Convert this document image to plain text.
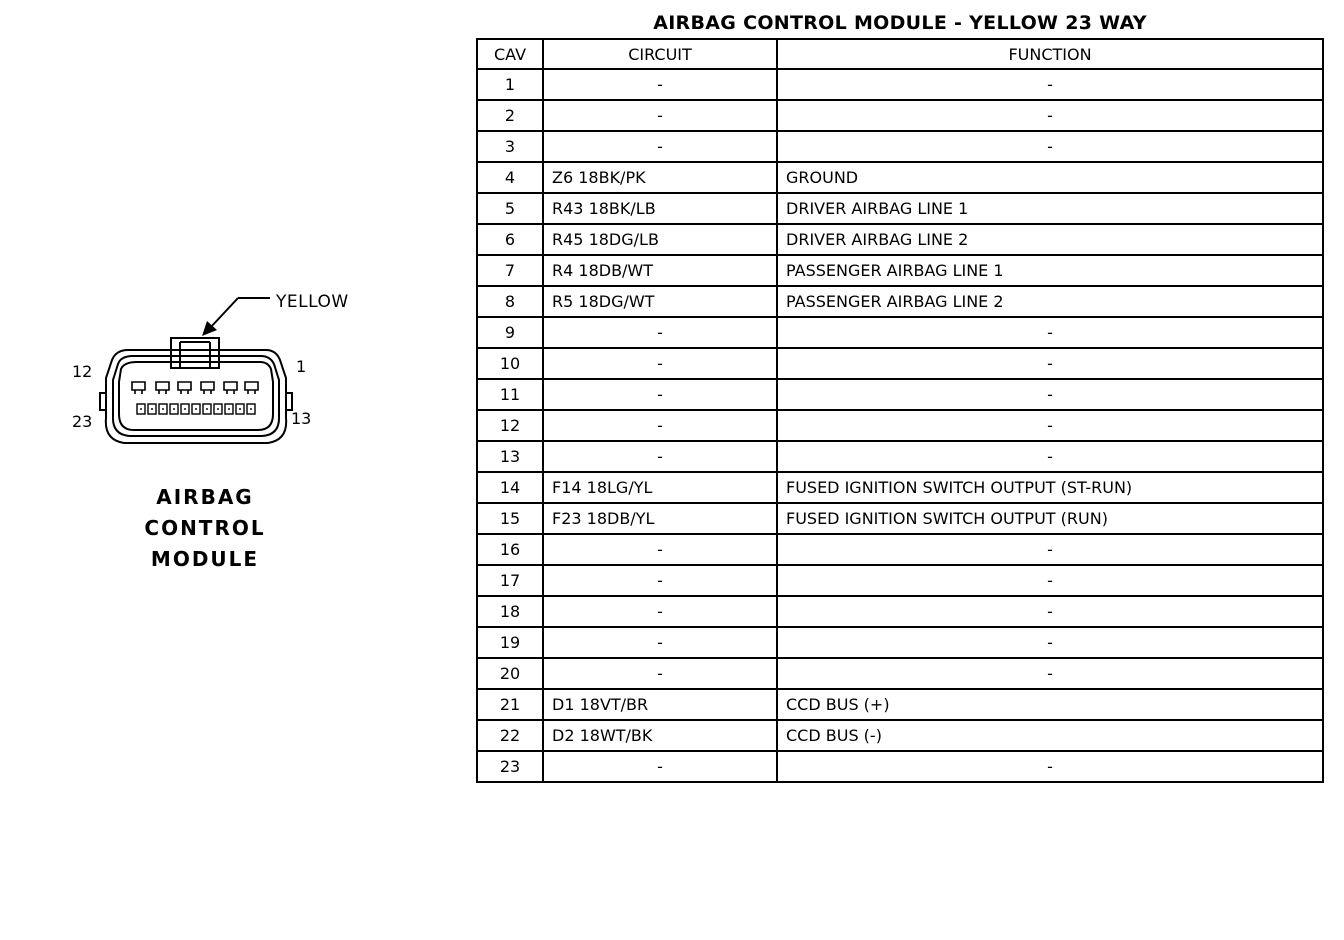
YELLOW
12	1
23	13
AIRBAG CONTROL
MODULE
AIRBAG CONTROL MODULE - YELLOW 23 WAY
CAV	CIRCUIT	FUNCTION
1	-	-
2	-	-
3	-	-
4	Z6 18BK/PK	GROUND
5	R43 18BK/LB	DRIVER AIRBAG LINE 1
6	R45 18DG/LB	DRIVER AIRBAG LINE 2
7	R4 18DB/WT	PASSENGER AIRBAG LINE 1
8	R5 18DG/WT	PASSENGER AIRBAG LINE 2
9	-	-
10	-	-
11	-	-
12	-	-
13	-	-
14	F14 18LG/YL	FUSED IGNITION SWITCH OUTPUT (ST-RUN)
15	F23 18DB/YL	FUSED IGNITION SWITCH OUTPUT (RUN)
16	-	-
17	-	-
18	-	-
19	-	-
20	-	-
21	D1 18VT/BR	CCD BUS (+)
22	D2 18WT/BK	CCD BUS (-)
23	-	-
